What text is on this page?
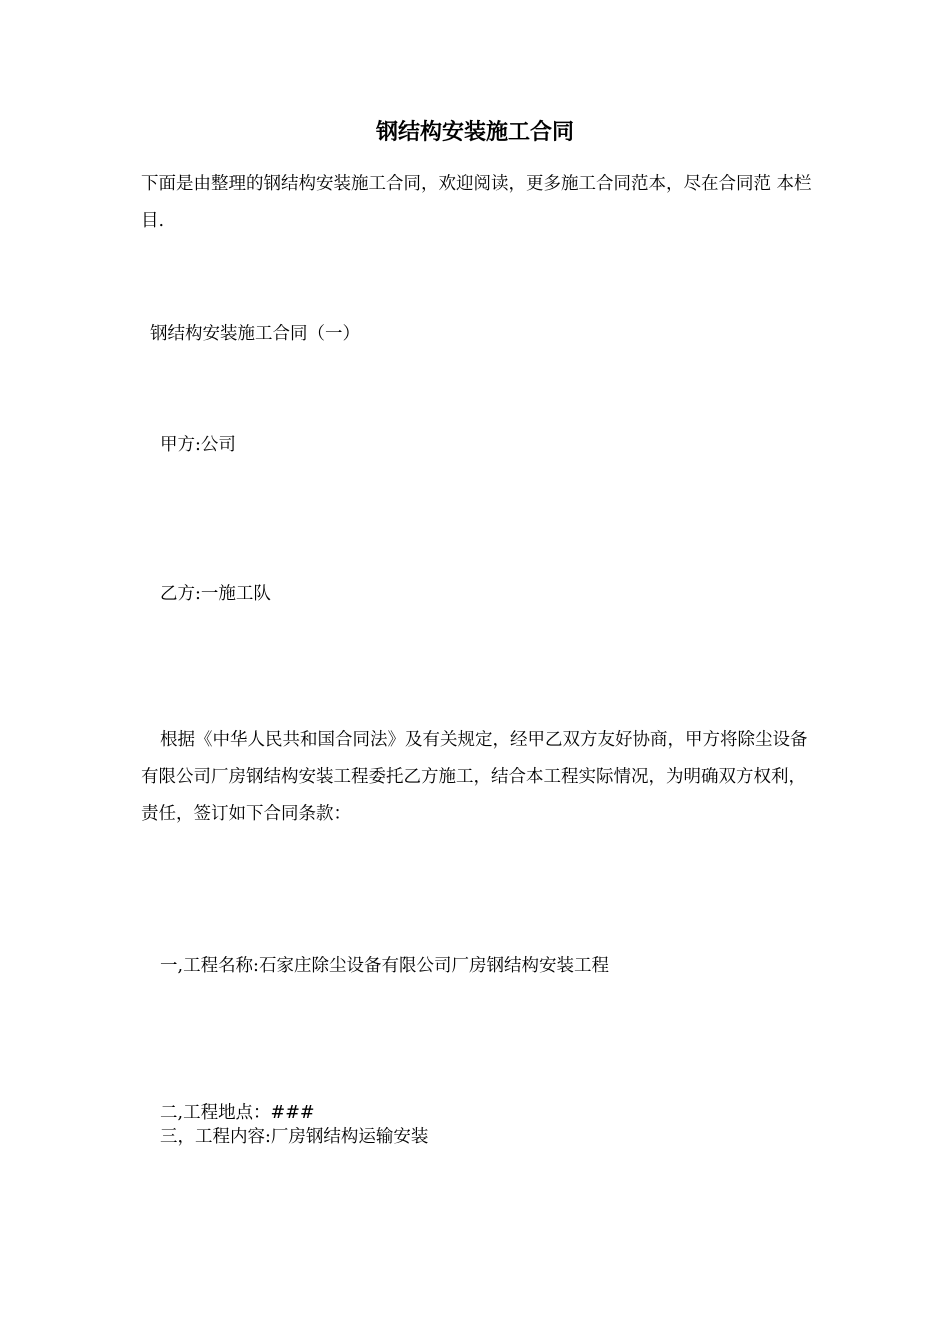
钢结构安装施工合同

下面是由整理的钢结构安装施工合同，欢迎阅读，更多施工合同范本，尽在合同范 本栏目.

钢结构安装施工合同（一）

甲方:公司

乙方:一施工队

根据《中华人民共和国合同法》及有关规定，经甲乙双方友好协商，甲方将除尘设备有限公司厂房钢结构安装工程委托乙方施工，结合本工程实际情况，为明确双方权利，责任，签订如下合同条款：

一,工程名称:石家庄除尘设备有限公司厂房钢结构安装工程

二,工程地点：###

三，工程内容:厂房钢结构运输安装
